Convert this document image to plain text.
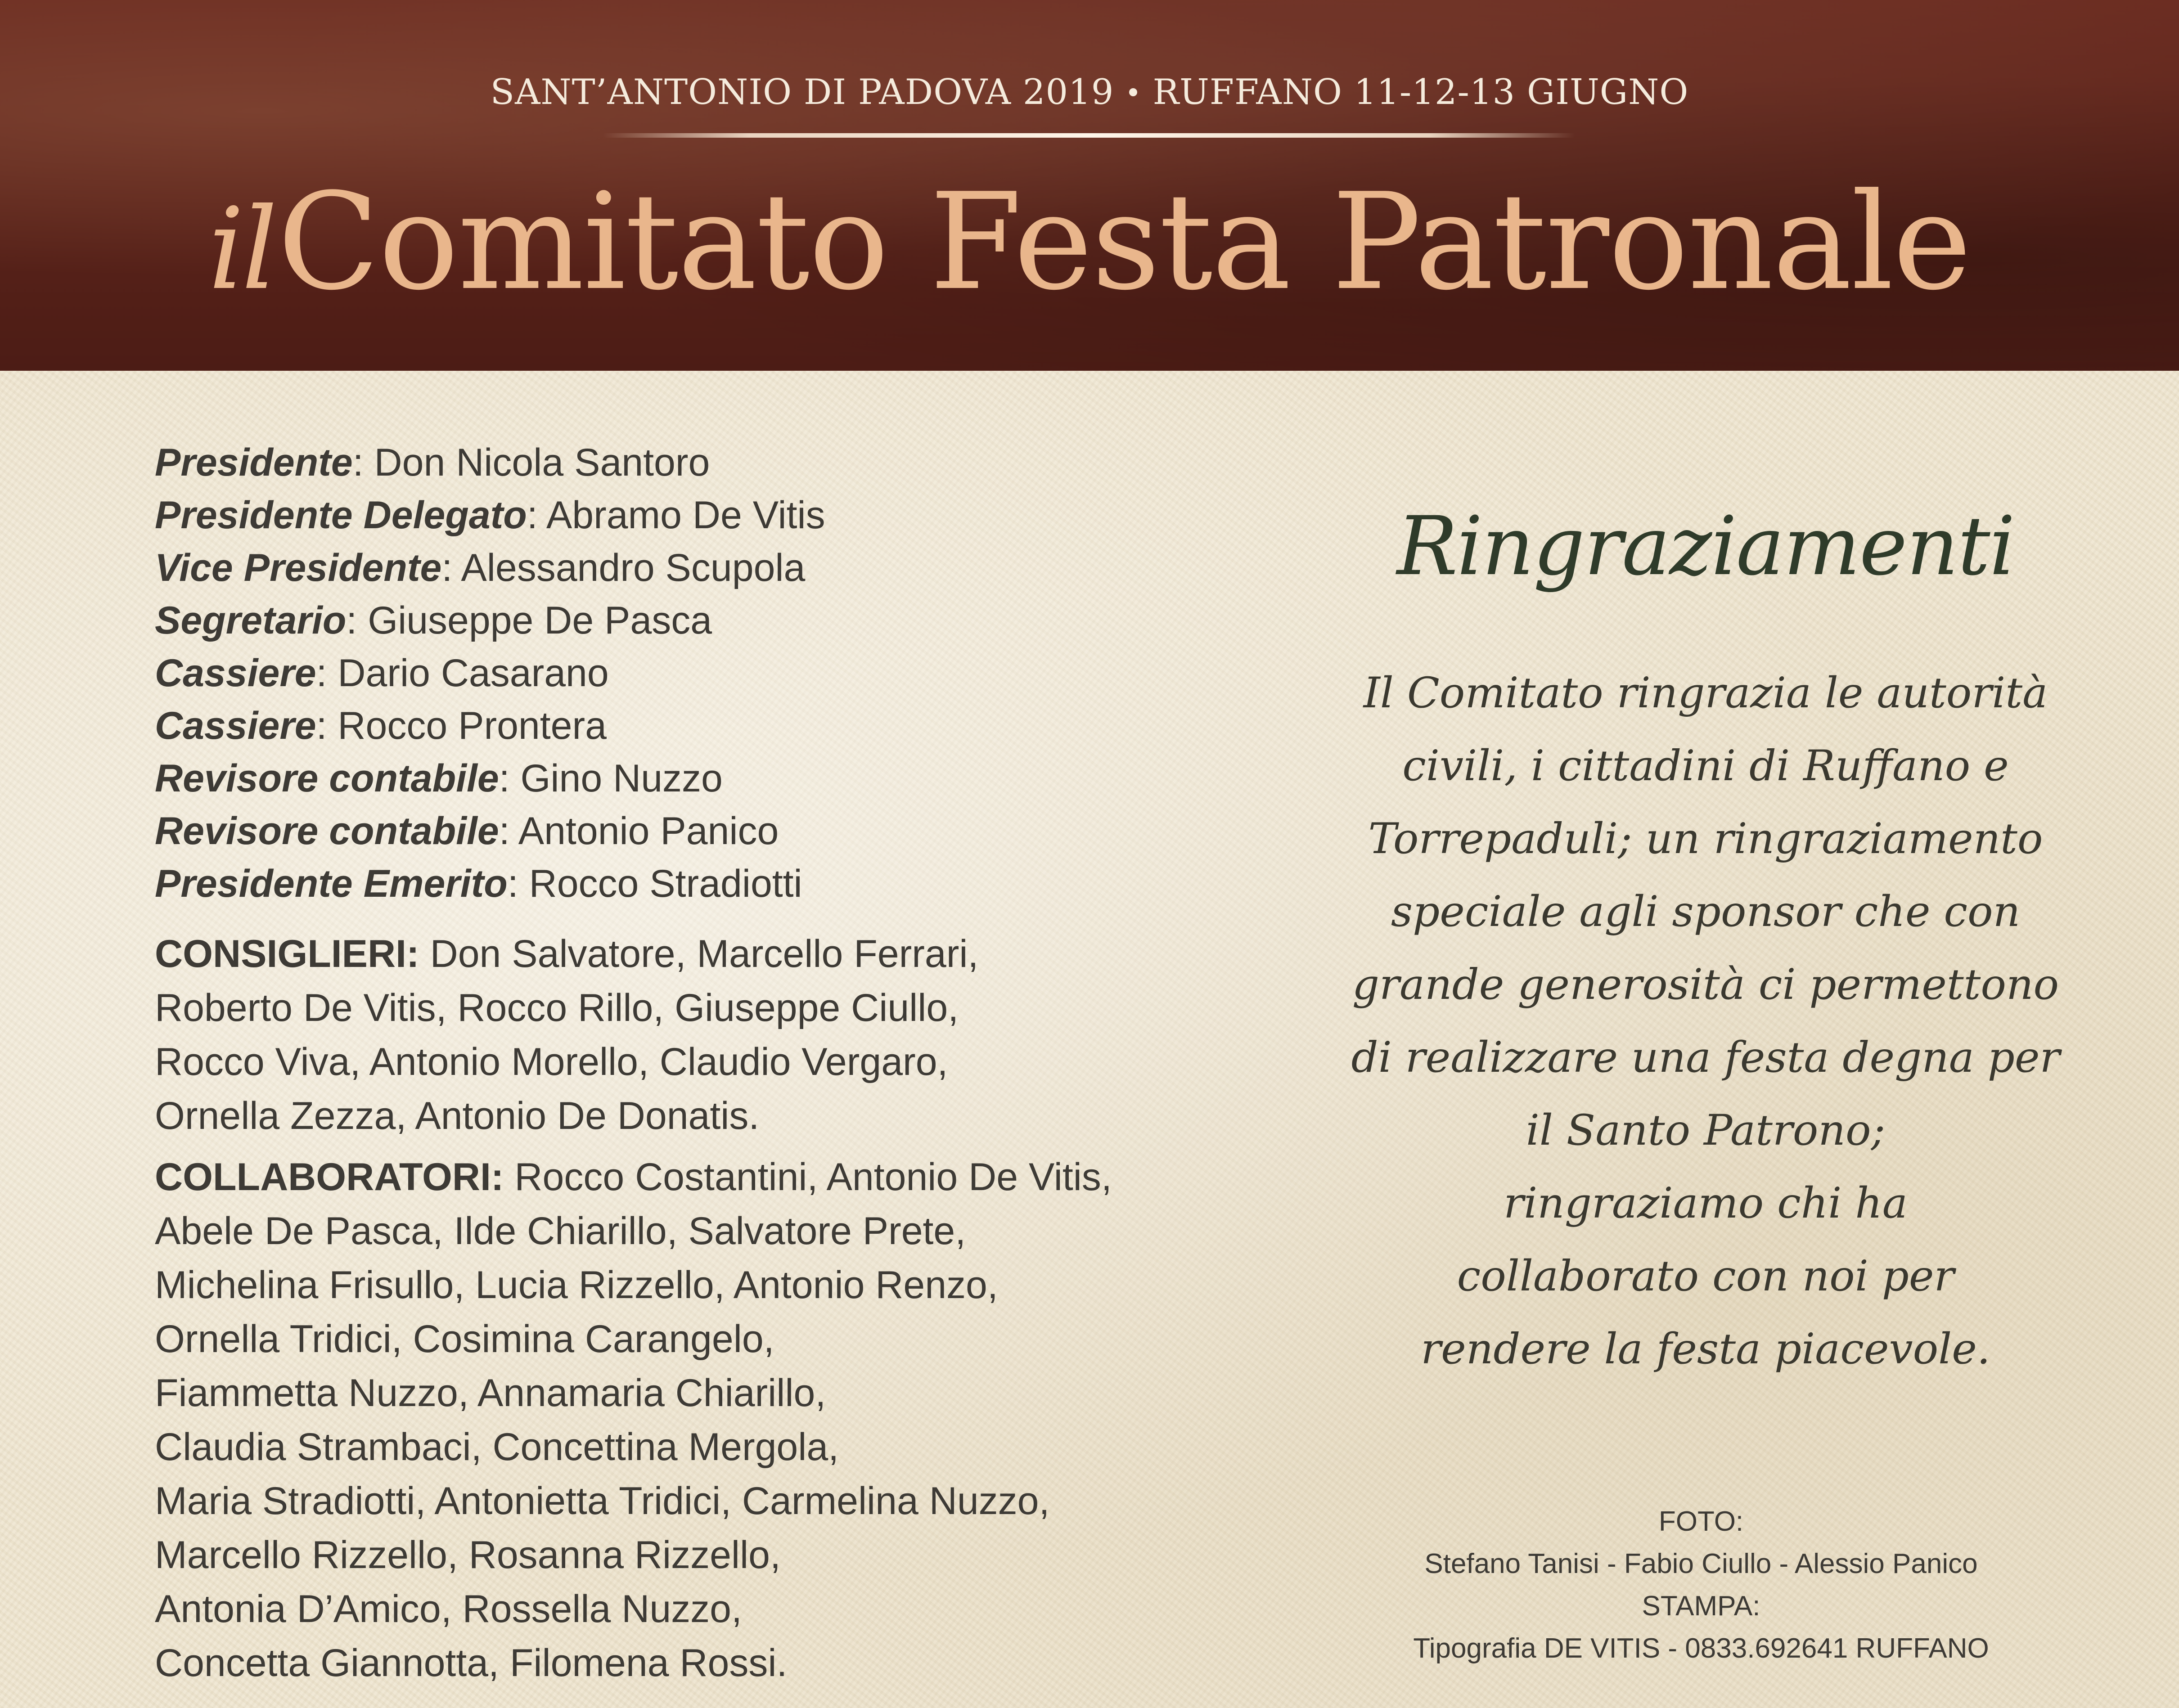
SANT’ANTONIO DI PADOVA 2019 RUFFANO 11-12-13 GIUGNO
ilComitato Festa Patronale

Presidente: Don Nicola Santoro

Presidente Delegato: Abramo De Vitis

Vice Presidente: Alessandro Scupola

Segretario: Giuseppe De Pasca

Cassiere: Dario Casarano

Cassiere: Rocco Prontera

Revisore contabile: Gino Nuzzo

Revisore contabile: Antonio Panico

Presidente Emerito: Rocco Stradiotti

CONSIGLIERI: Don Salvatore, Marcello Ferrari,

Roberto De Vitis, Rocco Rillo, Giuseppe Ciullo,

Rocco Viva, Antonio Morello, Claudio Vergaro,

Ornella Zezza, Antonio De Donatis.

COLLABORATORI: Rocco Costantini, Antonio De Vitis,

Abele De Pasca, Ilde Chiarillo, Salvatore Prete,

Michelina Frisullo, Lucia Rizzello, Antonio Renzo,

Ornella Tridici, Cosimina Carangelo,

Fiammetta Nuzzo, Annamaria Chiarillo,

Claudia Strambaci, Concettina Mergola,

Maria Stradiotti, Antonietta Tridici, Carmelina Nuzzo,

Marcello Rizzello, Rosanna Rizzello,

Antonia D’Amico, Rossella Nuzzo,

Concetta Giannotta, Filomena Rossi.

Ringraziamenti

Il Comitato ringrazia le autorità

civili, i cittadini di Ruffano e

Torrepaduli; un ringraziamento

speciale agli sponsor che con

grande generosità ci permettono

di realizzare una festa degna per

il Santo Patrono;

ringraziamo chi ha

collaborato con noi per

rendere la festa piacevole.

FOTO:

Stefano Tanisi - Fabio Ciullo - Alessio Panico

STAMPA:

Tipografia DE VITIS - 0833.692641 RUFFANO
